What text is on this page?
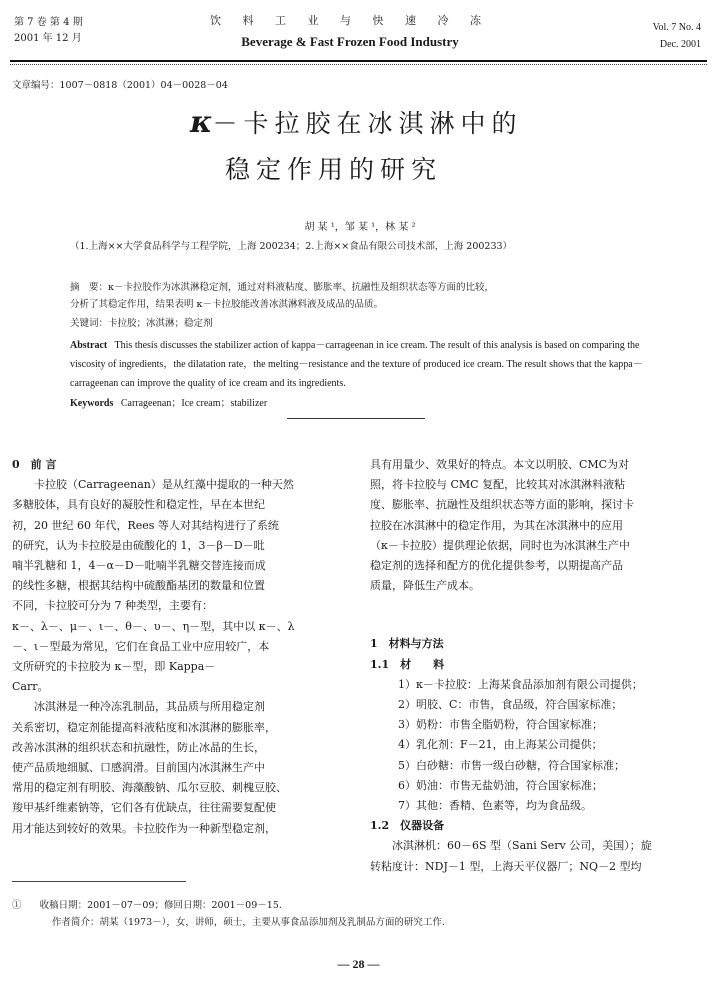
第 7 卷 第 4 期
2001 年 12 月
饮 料 工 业 与 快 速 冷 冻
Beverage & Fast Frozen Food Industry
Vol. 7 No. 4
Dec. 2001
文章编号：1007－0818（2001）04－0028－04
κ－卡拉胶在冰淇淋中的
稳定作用的研究
胡 某 ¹，邹 某 ¹，林 某 ²
（1.上海××大学食品科学与工程学院，上海 200234；2.上海××食品有限公司技术部，上海 200233）
摘　要：κ－卡拉胶作为冰淇淋稳定剂，通过对料液粘度、膨胀率、抗融性及组织状态等方面的比较，
分析了其稳定作用，结果表明 κ－卡拉胶能改善冰淇淋料液及成品的品质。
关键词：卡拉胶；冰淇淋；稳定剂
Abstract This thesis discusses the stabilizer action of kappa－carrageenan in ice cream. The result of this analysis is based on comparing the viscosity of ingredients，the dilatation rate，the melting－resistance and the texture of produced ice cream. The result shows that the kappa－carrageenan can improve the quality of ice cream and its ingredients.
Keywords Carrageenan；Ice cream；stabilizer
0　前 言
　　卡拉胶（Carrageenan）是从红藻中提取的一种天然
多糖胶体，具有良好的凝胶性和稳定性，早在本世纪
初，20 世纪 60 年代，Rees 等人对其结构进行了系统
的研究，认为卡拉胶是由硫酸化的 1，3－β－D－吡
喃半乳糖和 1，4－α－D－吡喃半乳糖交替连接而成
的线性多糖，根据其结构中硫酸酯基团的数量和位置
不同，卡拉胶可分为 7 种类型，主要有：
κ－、λ－、μ－、ι－、θ－、υ－、η－型，其中以 κ－、λ
－、ι－型最为常见，它们在食品工业中应用较广，本
文所研究的卡拉胶为 κ－型，即 Kappa－
Carr。
　　冰淇淋是一种冷冻乳制品，其品质与所用稳定剂
关系密切，稳定剂能提高料液粘度和冰淇淋的膨胀率，
改善冰淇淋的组织状态和抗融性，防止冰晶的生长，
使产品质地细腻、口感润滑。目前国内冰淇淋生产中
常用的稳定剂有明胶、海藻酸钠、瓜尔豆胶、刺槐豆胶、
羧甲基纤维素钠等，它们各有优缺点，往往需要复配使
用才能达到较好的效果。卡拉胶作为一种新型稳定剂，
具有用量少、效果好的特点。本文以明胶、CMC为对
照，将卡拉胶与 CMC 复配，比较其对冰淇淋料液粘
度、膨胀率、抗融性及组织状态等方面的影响，探讨卡
拉胶在冰淇淋中的稳定作用，为其在冰淇淋中的应用
（κ－卡拉胶）提供理论依据，同时也为冰淇淋生产中
稳定剂的选择和配方的优化提供参考，以期提高产品
质量，降低生产成本。
1　材料与方法
1.1　材　　料
1）κ－卡拉胶：上海某食品添加剂有限公司提供；
2）明胶、C：市售，食品级，符合国家标准；
3）奶粉：市售全脂奶粉，符合国家标准；
4）乳化剂：F－21，由上海某公司提供；
5）白砂糖：市售一级白砂糖，符合国家标准；
6）奶油：市售无盐奶油，符合国家标准；
7）其他：香精、色素等，均为食品级。
1.2　仪器设备
　　冰淇淋机：60－6S 型（Sani Serv 公司，美国）；旋
转粘度计：NDJ－1 型，上海天平仪器厂；NQ－2 型均
① 收稿日期：2001－07－09；修回日期：2001－09－15.
作者简介：胡某（1973－），女，讲师，硕士，主要从事食品添加剂及乳制品方面的研究工作.
— 28 —
